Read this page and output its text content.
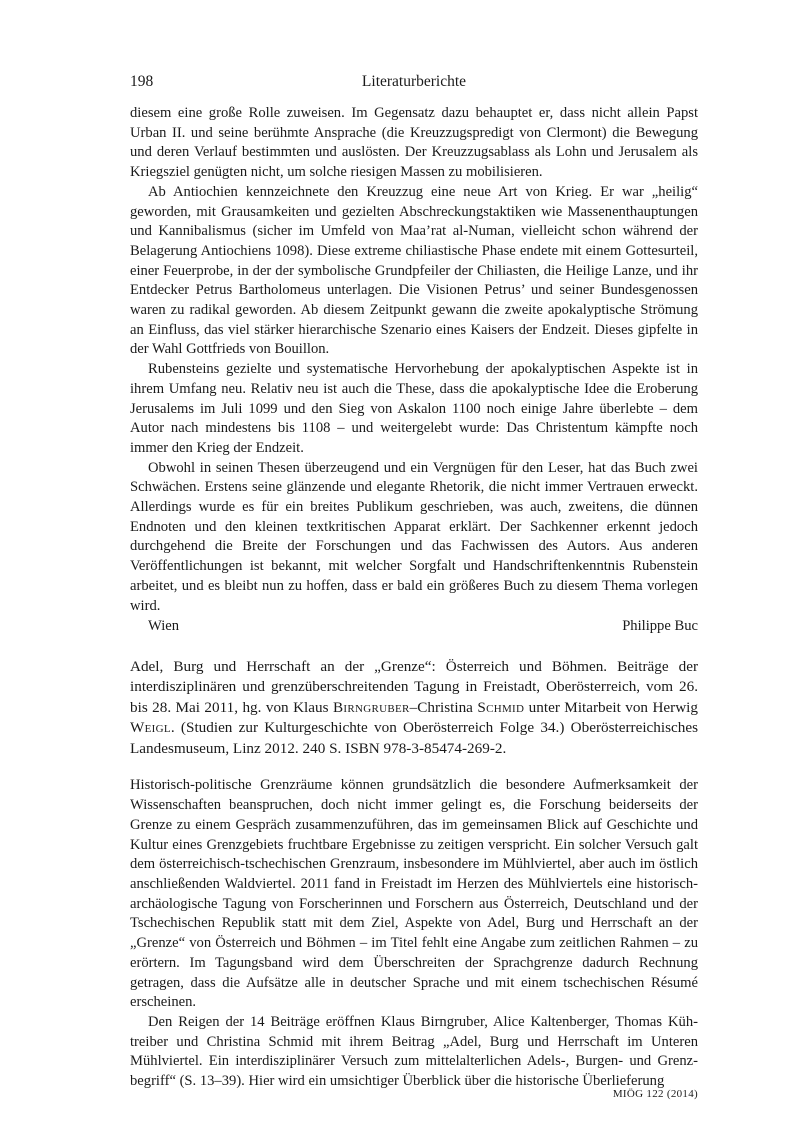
198	Literaturberichte

diesem eine große Rolle zuweisen. Im Gegensatz dazu behauptet er, dass nicht allein Papst Urban II. und seine berühmte Ansprache (die Kreuzzugspredigt von Clermont) die Bewegung und deren Verlauf bestimmten und auslösten. Der Kreuzzugsablass als Lohn und Jerusalem als Kriegsziel genügten nicht, um solche riesigen Massen zu mobilisieren.

Ab Antiochien kennzeichnete den Kreuzzug eine neue Art von Krieg. Er war „heilig“ geworden, mit Grausamkeiten und gezielten Abschreckungstaktiken wie Massenenthauptungen und Kannibalismus (sicher im Umfeld von Maa’rat al-Numan, vielleicht schon während der Belagerung Antiochiens 1098). Diese extreme chiliastische Phase endete mit einem Gottesurteil, einer Feuerprobe, in der der symbolische Grundpfeiler der Chiliasten, die Heilige Lanze, und ihr Entdecker Petrus Bartholomeus unterlagen. Die Visionen Petrus’ und seiner Bundesgenossen waren zu radikal geworden. Ab diesem Zeitpunkt gewann die zweite apokalyptische Strömung an Einfluss, das viel stärker hierarchische Szenario eines Kaisers der Endzeit. Dieses gipfelte in der Wahl Gottfrieds von Bouillon.

Rubensteins gezielte und systematische Hervorhebung der apokalyptischen Aspekte ist in ihrem Umfang neu. Relativ neu ist auch die These, dass die apokalyptische Idee die Eroberung Jerusalems im Juli 1099 und den Sieg von Askalon 1100 noch einige Jahre überlebte – dem Autor nach mindestens bis 1108 – und weitergelebt wurde: Das Christentum kämpfte noch immer den Krieg der Endzeit.

Obwohl in seinen Thesen überzeugend und ein Vergnügen für den Leser, hat das Buch zwei Schwächen. Erstens seine glänzende und elegante Rhetorik, die nicht immer Vertrauen erweckt. Allerdings wurde es für ein breites Publikum geschrieben, was auch, zweitens, die dünnen Endnoten und den kleinen textkritischen Apparat erklärt. Der Sachkenner erkennt jedoch durchgehend die Breite der Forschungen und das Fachwissen des Autors. Aus anderen Veröffentlichungen ist bekannt, mit welcher Sorgfalt und Handschriftenkenntnis Rubenstein arbeitet, und es bleibt nun zu hoffen, dass er bald ein größeres Buch zu diesem Thema vorlegen wird.

Wien	Philippe Buc
Adel, Burg und Herrschaft an der „Grenze“: Österreich und Böhmen. Beiträge der interdisziplinären und grenzüberschreitenden Tagung in Freistadt, Oberösterreich, vom 26. bis 28. Mai 2011, hg. von Klaus Birngruber–Christina Schmid unter Mitarbeit von Herwig Weigl. (Studien zur Kulturgeschichte von Oberösterreich Folge 34.) Oberösterreichisches Landesmuseum, Linz 2012. 240 S. ISBN 978-3-85474-269-2.

Historisch-politische Grenzräume können grundsätzlich die besondere Aufmerksamkeit der Wissenschaften beanspruchen, doch nicht immer gelingt es, die Forschung beiderseits der Grenze zu einem Gespräch zusammenzuführen, das im gemeinsamen Blick auf Geschichte und Kultur eines Grenzgebiets fruchtbare Ergebnisse zu zeitigen verspricht. Ein solcher Versuch galt dem österreichisch-tschechischen Grenzraum, insbesondere im Mühlviertel, aber auch im östlich anschließenden Waldviertel. 2011 fand in Freistadt im Herzen des Mühlviertels eine historisch-archäologische Tagung von Forscherinnen und Forschern aus Österreich, Deutschland und der Tschechischen Republik statt mit dem Ziel, Aspekte von Adel, Burg und Herrschaft an der „Grenze“ von Österreich und Böhmen – im Titel fehlt eine Angabe zum zeitlichen Rahmen – zu erörtern. Im Tagungsband wird dem Überschreiten der Sprachgrenze dadurch Rechnung getragen, dass die Aufsätze alle in deutscher Sprache und mit einem tschechischen Résumé erscheinen.

Den Reigen der 14 Beiträge eröffnen Klaus Birngruber, Alice Kaltenberger, Thomas Kühtreiber und Christina Schmid mit ihrem Beitrag „Adel, Burg und Herrschaft im Unteren Mühlviertel. Ein interdisziplinärer Versuch zum mittelalterlichen Adels-, Burgen- und Grenzbegriff“ (S. 13–39). Hier wird ein umsichtiger Überblick über die historische Überlieferung

MIÖG 122 (2014)
